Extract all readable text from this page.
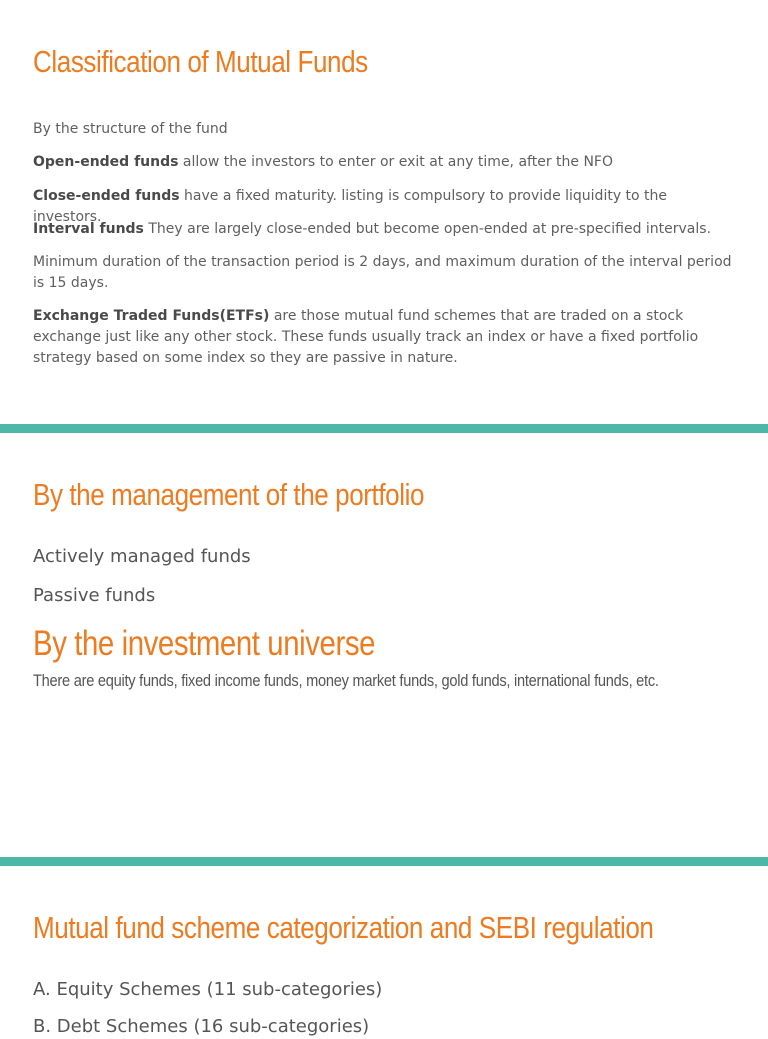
Classification of Mutual Funds

By the structure of the fund

Open-ended funds allow the investors to enter or exit at any time, after the NFO

Close-ended funds have a fixed maturity. listing is compulsory to provide liquidity to the investors.

Interval funds They are largely close-ended but become open-ended at pre-specified intervals.

Minimum duration of the transaction period is 2 days, and maximum duration of the interval period is 15 days.

Exchange Traded Funds(ETFs) are those mutual fund schemes that are traded on a stock exchange just like any other stock. These funds usually track an index or have a fixed portfolio strategy based on some index so they are passive in nature.

By the management of the portfolio

Actively managed funds

Passive funds

By the investment universe

There are equity funds, fixed income funds, money market funds, gold funds, international funds, etc.

Mutual fund scheme categorization and SEBI regulation

A. Equity Schemes (11 sub-categories)

B. Debt Schemes (16 sub-categories)
